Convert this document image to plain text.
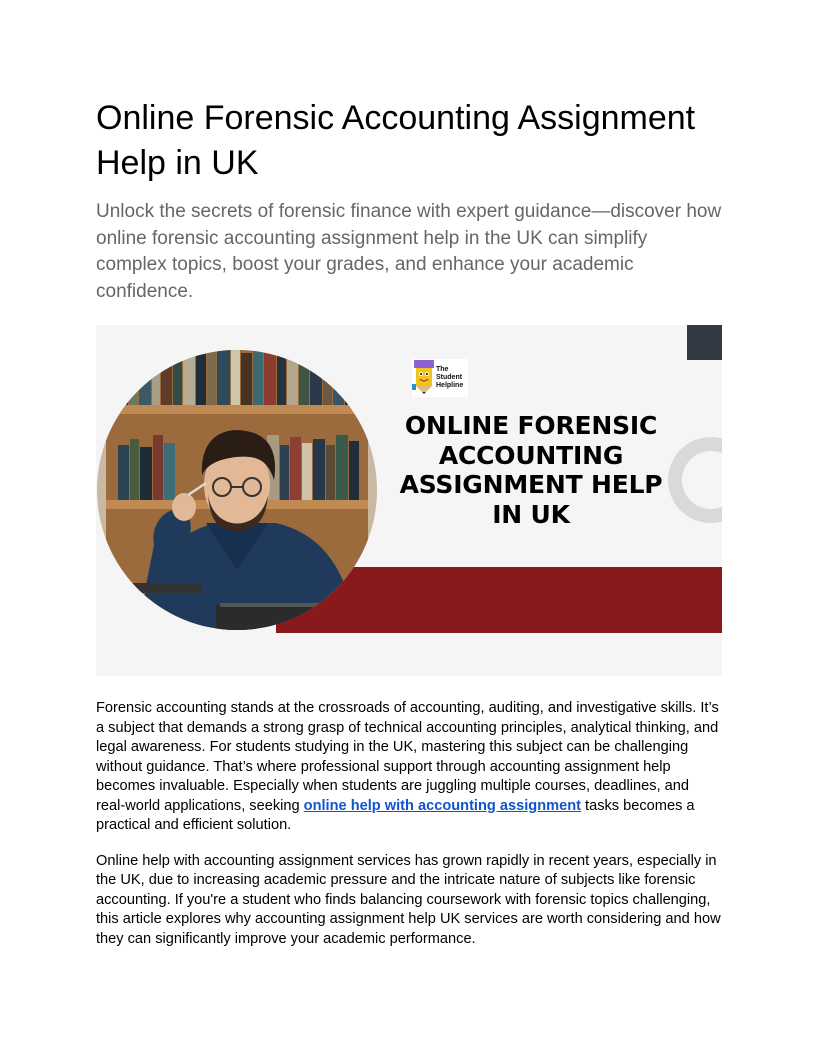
Online Forensic Accounting Assignment Help in UK

Unlock the secrets of forensic finance with expert guidance—discover how online forensic accounting assignment help in the UK can simplify complex topics, boost your grades, and enhance your academic confidence.

The
Student
Helpline
ONLINE FORENSIC
ACCOUNTING
ASSIGNMENT HELP
IN UK

Forensic accounting stands at the crossroads of accounting, auditing, and investigative skills. It’s a subject that demands a strong grasp of technical accounting principles, analytical thinking, and legal awareness. For students studying in the UK, mastering this subject can be challenging without guidance. That’s where professional support through accounting assignment help becomes invaluable. Especially when students are juggling multiple courses, deadlines, and real-world applications, seeking online help with accounting assignment tasks becomes a practical and efficient solution.

Online help with accounting assignment services has grown rapidly in recent years, especially in the UK, due to increasing academic pressure and the intricate nature of subjects like forensic accounting. If you're a student who finds balancing coursework with forensic topics challenging, this article explores why accounting assignment help UK services are worth considering and how they can significantly improve your academic performance.
